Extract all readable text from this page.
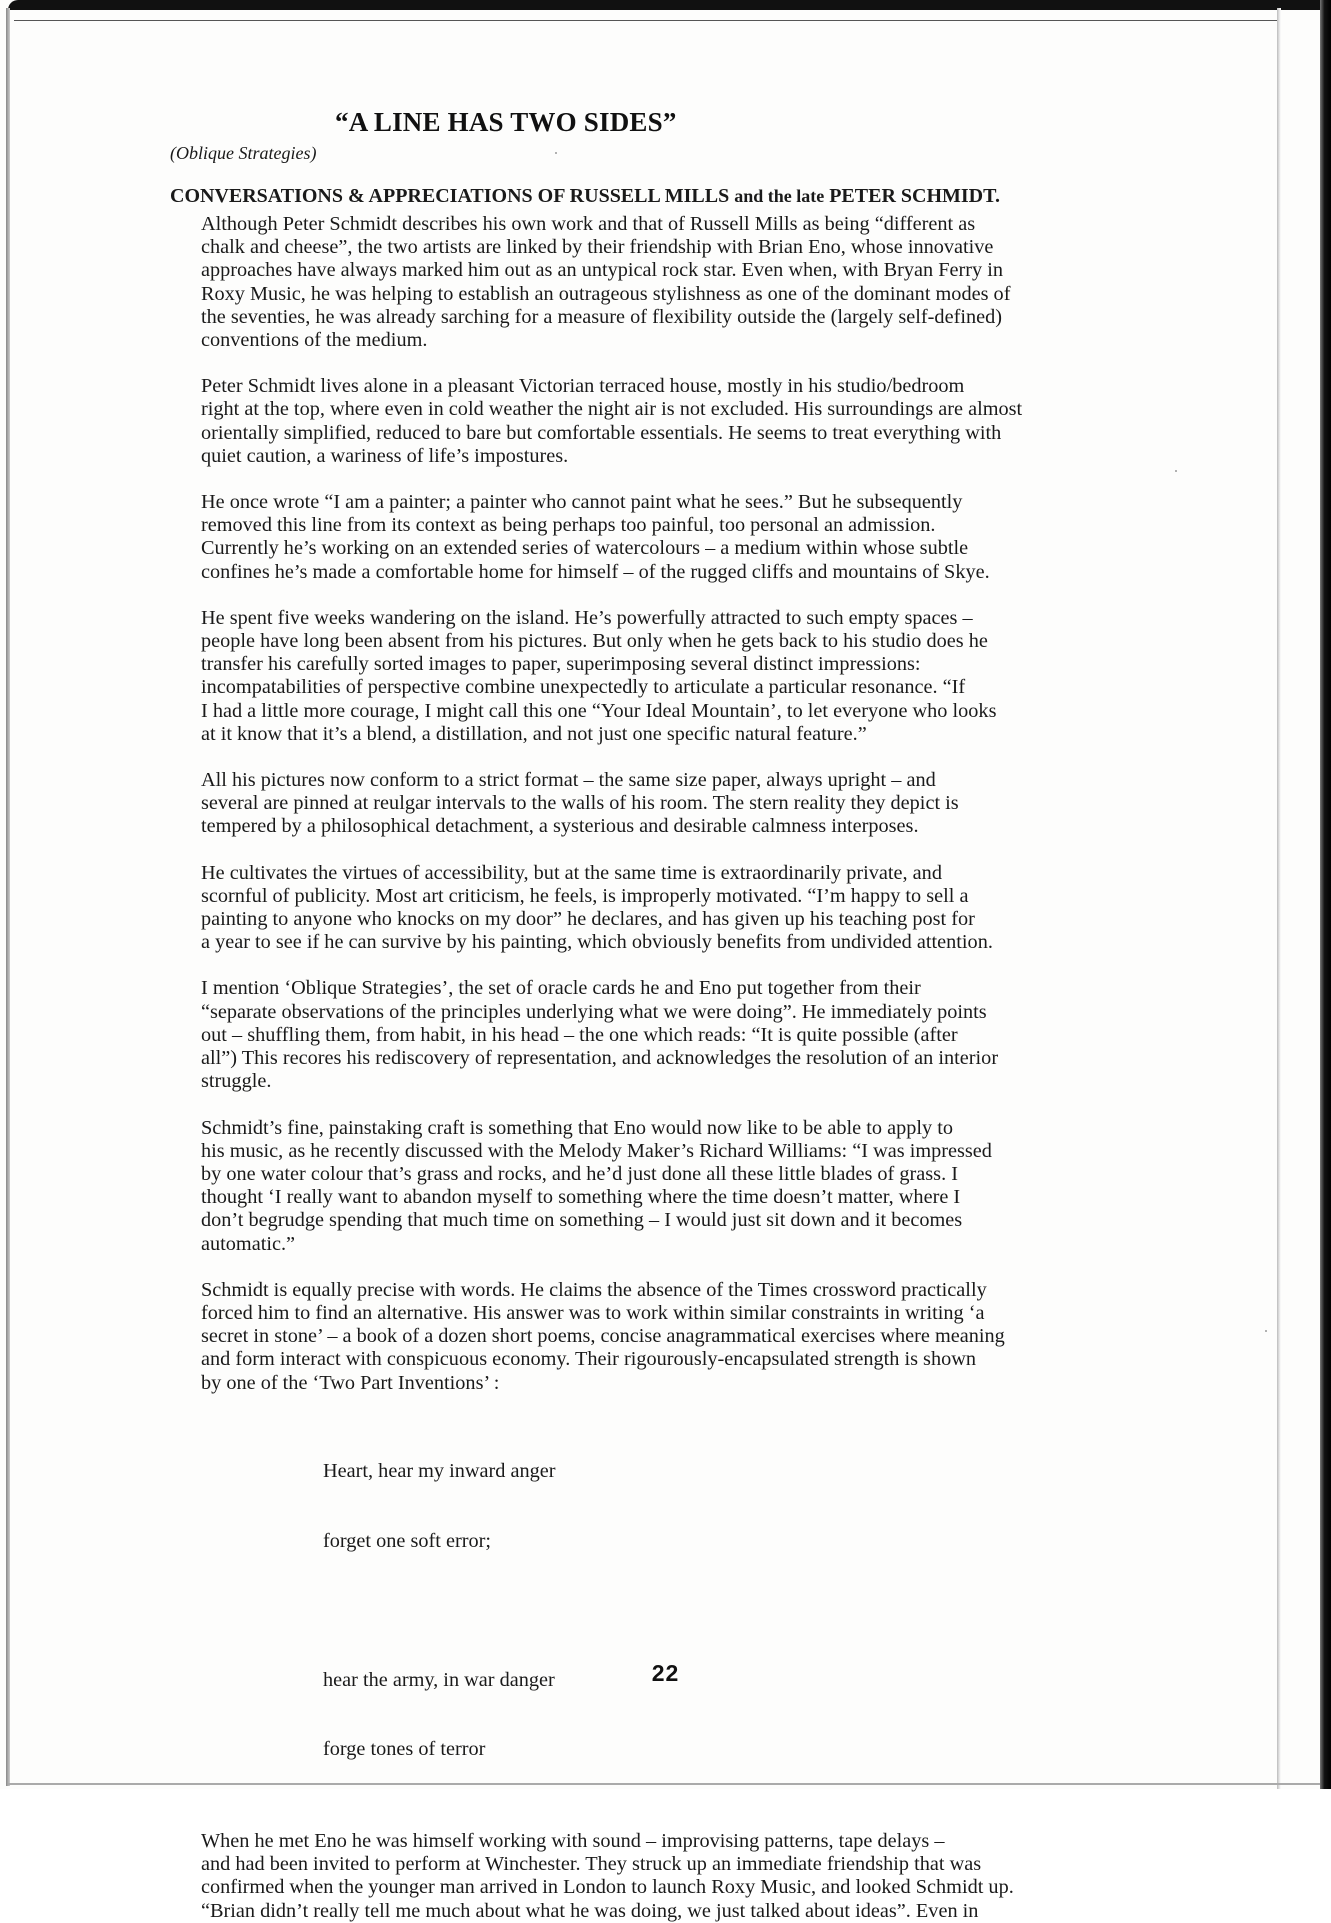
“A LINE HAS TWO SIDES”
(Oblique Strategies)
CONVERSATIONS & APPRECIATIONS OF RUSSELL MILLS and the late PETER SCHMIDT.

Although Peter Schmidt describes his own work and that of Russell Mills as being “different as
chalk and cheese”, the two artists are linked by their friendship with Brian Eno, whose innovative
approaches have always marked him out as an untypical rock star. Even when, with Bryan Ferry in
Roxy Music, he was helping to establish an outrageous stylishness as one of the dominant modes of
the seventies, he was already sarching for a measure of flexibility outside the (largely self-defined)
conventions of the medium.

Peter Schmidt lives alone in a pleasant Victorian terraced house, mostly in his studio/bedroom
right at the top, where even in cold weather the night air is not excluded. His surroundings are almost
orientally simplified, reduced to bare but comfortable essentials. He seems to treat everything with
quiet caution, a wariness of life’s impostures.

He once wrote “I am a painter; a painter who cannot paint what he sees.” But he subsequently
removed this line from its context as being perhaps too painful, too personal an admission.
Currently he’s working on an extended series of watercolours – a medium within whose subtle
confines he’s made a comfortable home for himself – of the rugged cliffs and mountains of Skye.

He spent five weeks wandering on the island. He’s powerfully attracted to such empty spaces –
people have long been absent from his pictures. But only when he gets back to his studio does he
transfer his carefully sorted images to paper, superimposing several distinct impressions:
incompatabilities of perspective combine unexpectedly to articulate a particular resonance. “If
I had a little more courage, I might call this one “Your Ideal Mountain’, to let everyone who looks
at it know that it’s a blend, a distillation, and not just one specific natural feature.”

All his pictures now conform to a strict format – the same size paper, always upright – and
several are pinned at reulgar intervals to the walls of his room. The stern reality they depict is
tempered by a philosophical detachment, a systerious and desirable calmness interposes.

He cultivates the virtues of accessibility, but at the same time is extraordinarily private, and
scornful of publicity. Most art criticism, he feels, is improperly motivated. “I’m happy to sell a
painting to anyone who knocks on my door” he declares, and has given up his teaching post for
a year to see if he can survive by his painting, which obviously benefits from undivided attention.

I mention ‘Oblique Strategies’, the set of oracle cards he and Eno put together from their
“separate observations of the principles underlying what we were doing”. He immediately points
out – shuffling them, from habit, in his head – the one which reads: “It is quite possible (after
all”) This recores his rediscovery of representation, and acknowledges the resolution of an interior
struggle.

Schmidt’s fine, painstaking craft is something that Eno would now like to be able to apply to
his music, as he recently discussed with the Melody Maker’s Richard Williams: “I was impressed
by one water colour that’s grass and rocks, and he’d just done all these little blades of grass. I
thought ‘I really want to abandon myself to something where the time doesn’t matter, where I
don’t begrudge spending that much time on something – I would just sit down and it becomes
automatic.”

Schmidt is equally precise with words. He claims the absence of the Times crossword practically
forced him to find an alternative. His answer was to work within similar constraints in writing ‘a
secret in stone’ – a book of a dozen short poems, concise anagrammatical exercises where meaning
and form interact with conspicuous economy. Their rigourously-encapsulated strength is shown
by one of the ‘Two Part Inventions’ :

Heart, hear my inward anger

forget one soft error;

hear the army, in war danger

forge tones of terror

When he met Eno he was himself working with sound – improvising patterns, tape delays –
and had been invited to perform at Winchester. They struck up an immediate friendship that was
confirmed when the younger man arrived in London to launch Roxy Music, and looked Schmidt up.
“Brian didn’t really tell me much about what he was doing, we just talked about ideas”. Even in

22
